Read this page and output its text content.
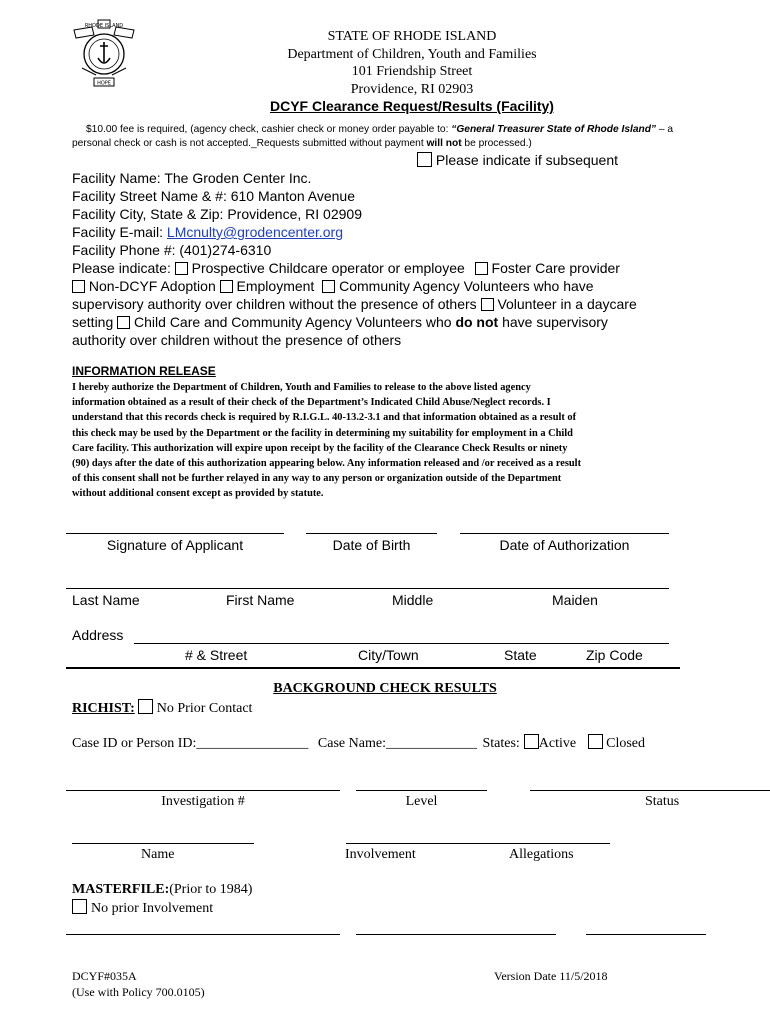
RHODE ISLAND
HOPE
STATE OF RHODE ISLAND
Department of Children, Youth and Families
101 Friendship Street
Providence, RI 02903
DCYF Clearance Request/Results (Facility)
$10.00 fee is required, (agency check, cashier check or money order payable to: “General Treasurer State of Rhode Island” – a personal check or cash is not accepted._Requests submitted without payment will not be processed.)
Please indicate if subsequent
Facility Name: The Groden Center Inc.
Facility Street Name & #: 610 Manton Avenue
Facility City, State & Zip: Providence, RI 02909
Facility E-mail: LMcnulty@grodencenter.org
Facility Phone #: (401)274-6310
Please indicate:  Prospective Childcare operator or employee Foster Care provider
Non-DCYF Adoption Employment Community Agency Volunteers who have
supervisory authority over children without the presence of others Volunteer in a daycare
setting Child Care and Community Agency Volunteers who do not have supervisory
authority over children without the presence of others
INFORMATION RELEASE
I hereby authorize the Department of Children, Youth and Families to release to the above listed agency
information obtained as a result of their check of the Department’s Indicated Child Abuse/Neglect records. I
understand that this records check is required by R.I.G.L. 40-13.2-3.1 and that information obtained as a result of
this check may be used by the Department or the facility in determining my suitability for employment in a Child
Care facility. This authorization will expire upon receipt by the facility of the Clearance Check Results or ninety
(90) days after the date of this authorization appearing below. Any information released and /or received as a result
of this consent shall not be further relayed in any way to any person or organization outside of the Department
without additional consent except as provided by statute.
Signature of Applicant	Date of Birth	Date of Authorization
Last Name	First Name	Middle	Maiden
Address
# & Street	City/Town	State	Zip Code
BACKGROUND CHECK RESULTS
RICHIST: No Prior Contact
Case ID or Person ID:________________ Case Name:_____________ States: Active Closed
Investigation #	Level	Status
Name	Involvement	Allegations
MASTERFILE:(Prior to 1984)
No prior Involvement
DCYF#035A
(Use with Policy 700.0105)
Version Date 11/5/2018
